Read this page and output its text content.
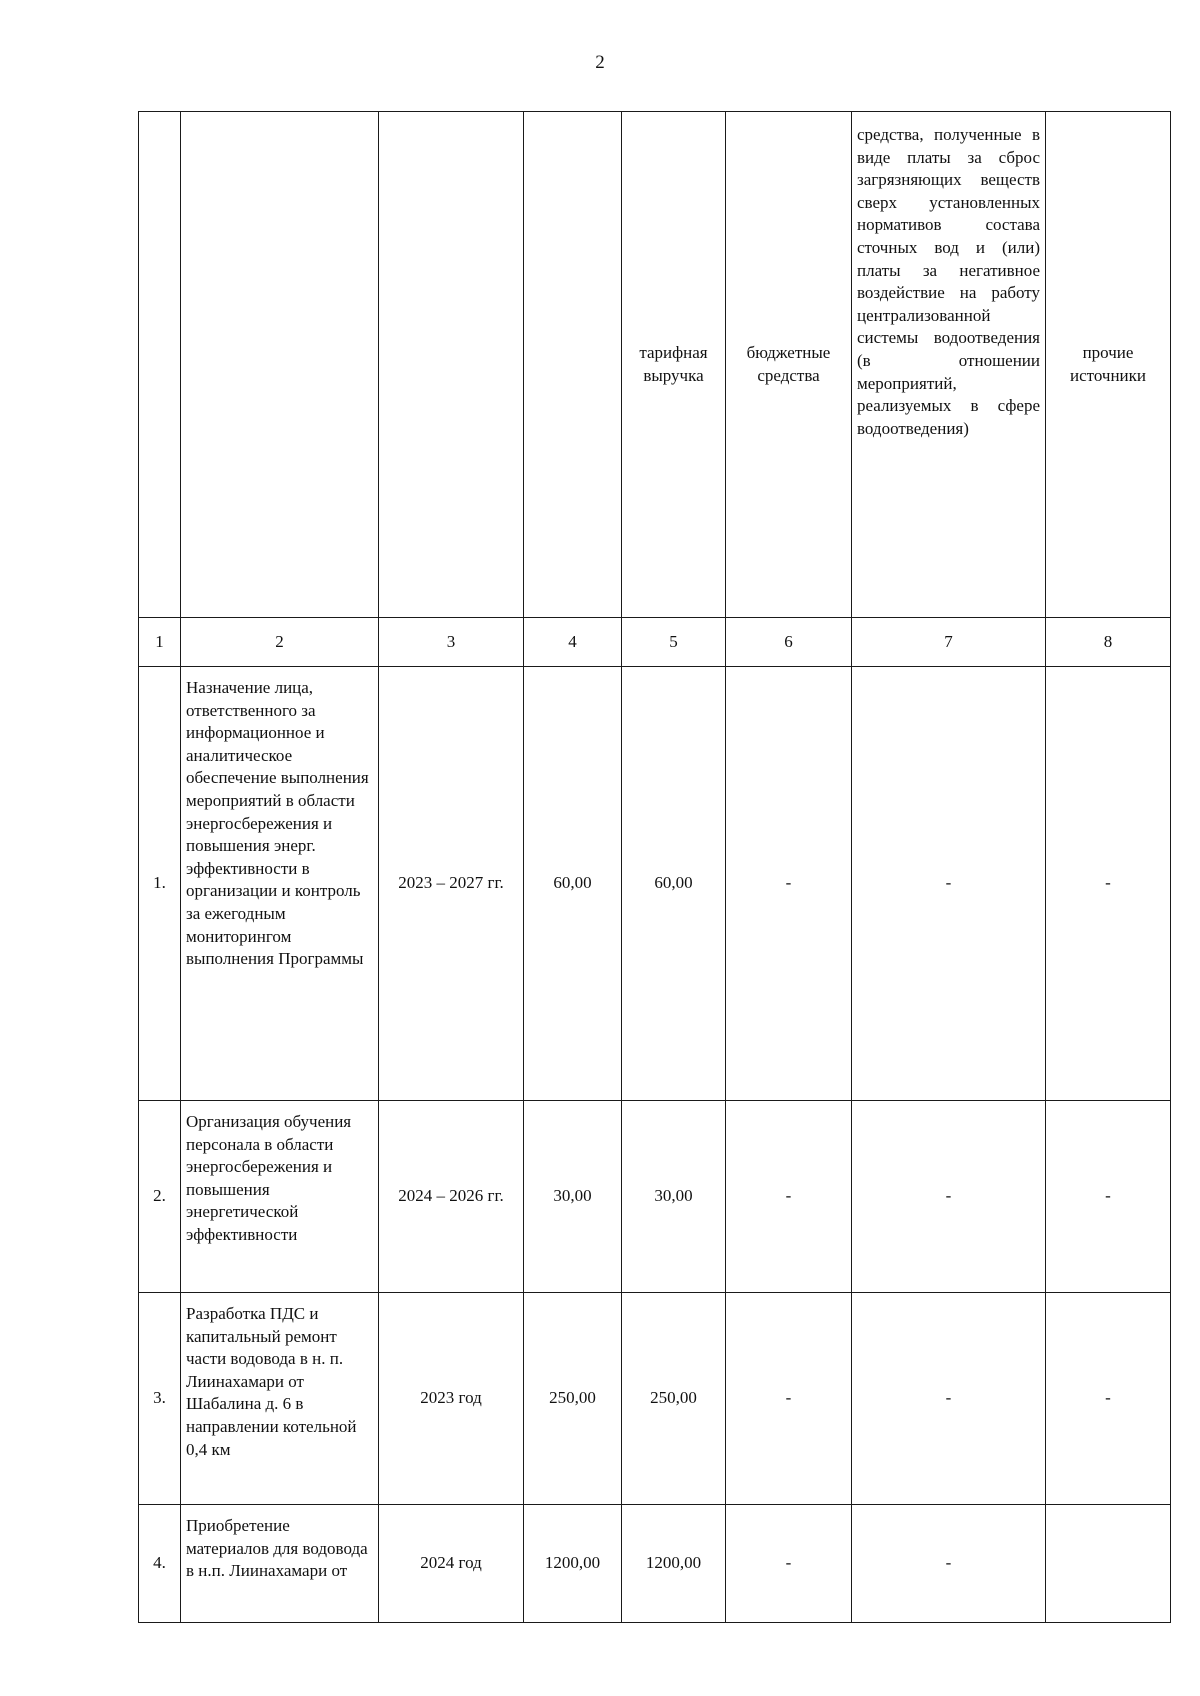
2
				тарифная выручка	бюджетные средства	средства, полученные в виде платы за сброс загрязняющих веществ сверх установленных нормативов состава сточных вод и (или) платы за негативное воздействие на работу централизованной системы водоотведения (в отношении мероприятий, реализуемых в сфере водоотведения)	прочие источники
1	2	3	4	5	6	7	8
1.	Назначение лица, ответственного за информационное и аналитическое обеспечение выполнения мероприятий в области энергосбережения и повышения энерг. эффективности в организации и контроль за ежегодным мониторингом выполнения Программы	2023 – 2027 гг.	60,00	60,00	-	-	-
2.	Организация обучения персонала в области энергосбережения и повышения энергетической эффективности	2024 – 2026 гг.	30,00	30,00	-	-	-
3.	Разработка ПДС и капитальный ремонт части водовода в н. п. Лиинахамари от Шабалина д. 6 в направлении котельной 0,4 км	2023 год	250,00	250,00	-	-	-
4.	Приобретение материалов для водовода в н.п. Лиинахамари от	2024 год	1200,00	1200,00	-	-	
